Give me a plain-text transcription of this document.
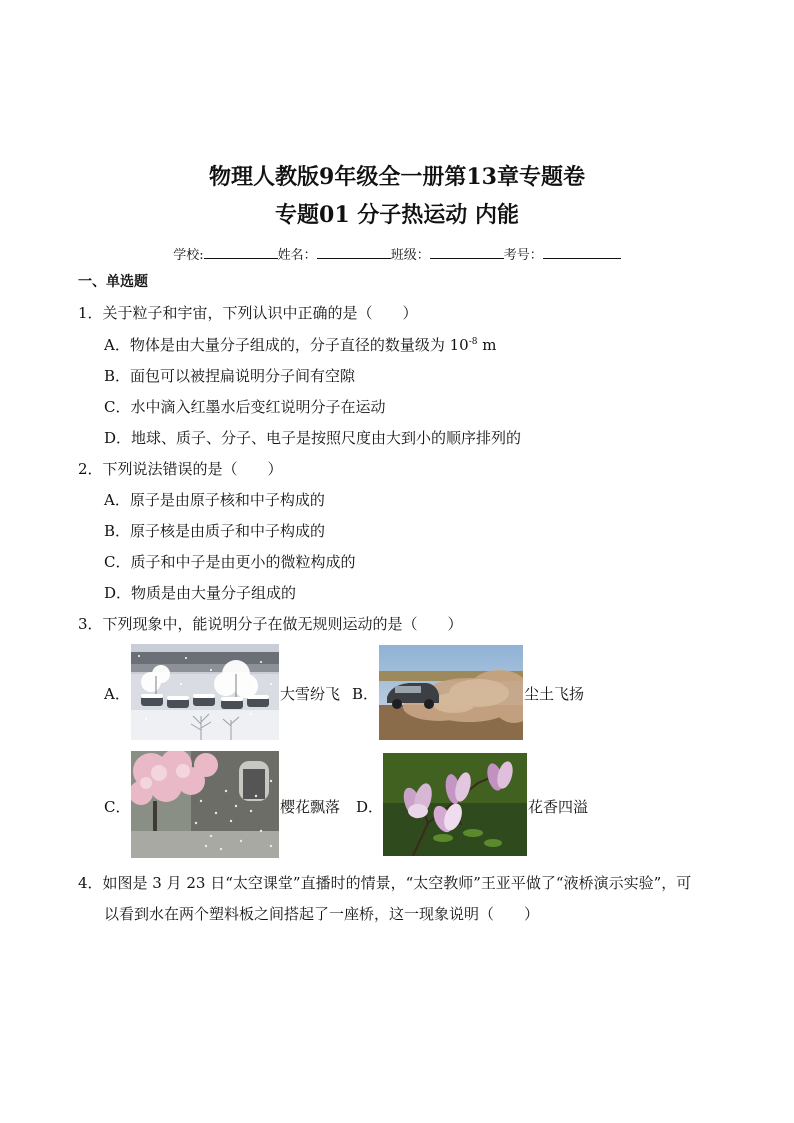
物理人教版9年级全一册第13章专题卷
专题01 分子热运动 内能
学校:	姓名：	班级：	考号：
一、单选题
1．关于粒子和宇宙，下列认识中正确的是（　　）
A．物体是由大量分子组成的，分子直径的数量级为 $10^{-8}$ m
B．面包可以被捏扁说明分子间有空隙
C．水中滴入红墨水后变红说明分子在运动
D．地球、质子、分子、电子是按照尺度由大到小的顺序排列的
2．下列说法错误的是（　　）
A．原子是由原子核和中子构成的
B．原子核是由质子和中子构成的
C．质子和中子是由更小的微粒构成的
D．物质是由大量分子组成的
3．下列现象中，能说明分子在做无规则运动的是（　　）
A．	大雪纷飞 B．	尘土飞扬
C．	樱花飘落 D．	花香四溢
4．如图是 3 月 23 日“太空课堂”直播时的情景，“太空教师”王亚平做了“液桥演示实验”，可
以看到水在两个塑料板之间搭起了一座桥，这一现象说明（　　）
